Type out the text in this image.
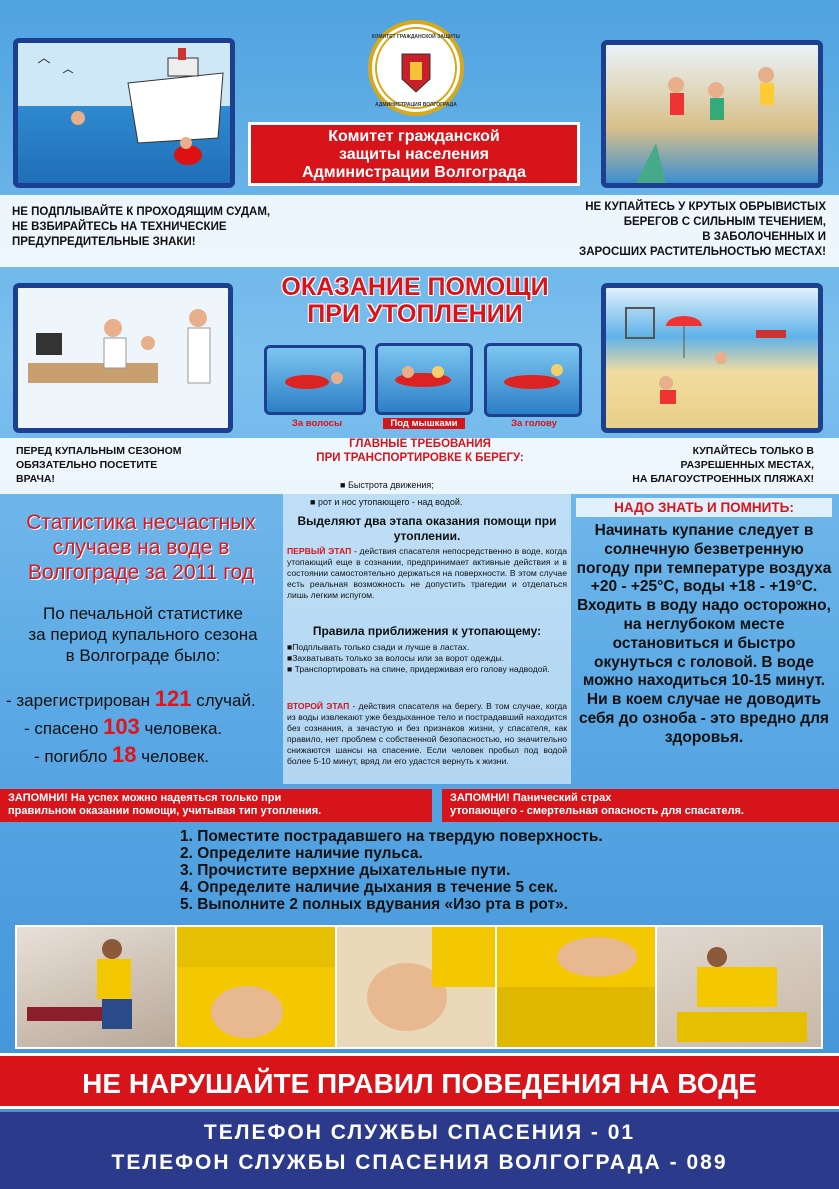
КОМИТЕТ ГРАЖДАНСКОЙ ЗАЩИТЫ
АДМИНИСТРАЦИЯ ВОЛГОГРАДА
Комитет гражданской
защиты населения
Администрации Волгограда
НЕ ПОДПЛЫВАЙТЕ К ПРОХОДЯЩИМ СУДАМ,
НЕ ВЗБИРАЙТЕСЬ НА ТЕХНИЧЕСКИЕ
ПРЕДУПРЕДИТЕЛЬНЫЕ ЗНАКИ!
НЕ КУПАЙТЕСЬ У КРУТЫХ ОБРЫВИСТЫХ
БЕРЕГОВ С СИЛЬНЫМ ТЕЧЕНИЕМ,
В ЗАБОЛОЧЕННЫХ И
ЗАРОСШИХ РАСТИТЕЛЬНОСТЬЮ МЕСТАХ!
ОКАЗАНИЕ ПОМОЩИ
ПРИ УТОПЛЕНИИ
За волосы	Под мышками	За голову
ПЕРЕД КУПАЛЬНЫМ СЕЗОНОМ
ОБЯЗАТЕЛЬНО ПОСЕТИТЕ
ВРАЧА!
КУПАЙТЕСЬ ТОЛЬКО В
РАЗРЕШЕННЫХ МЕСТАХ,
НА БЛАГОУСТРОЕННЫХ ПЛЯЖАХ!
ГЛАВНЫЕ ТРЕБОВАНИЯ
ПРИ ТРАНСПОРТИРОВКЕ К БЕРЕГУ:
■ Быстрота движения;
Статистика несчастных
случаев на воде в
Волгограде за 2011 год
По печальной статистике
за период купального сезона
в Волгограде было:
- зарегистрирован 121 случай.
- спасено 103 человека.
- погибло 18 человек.
■ рот и нос утопающего - над водой.
Выделяют два этапа оказания помощи при утоплении.
ПЕРВЫЙ ЭТАП - действия спасателя непосредственно в воде, когда утопающий еще в сознании, предпринимает активные действия и в состоянии самостоятельно держаться на поверхности. В этом случае есть реальная возможность не допустить трагедии и отделаться лишь легким испугом.
Правила приближения к утопающему:
■Подплывать только сзади и лучше в ластах.
■Захватывать только за волосы или за ворот одежды.
■ Транспортировать на спине, придерживая его голову надводой.
ВТОРОЙ ЭТАП - действия спасателя на берегу. В том случае, когда из воды извлекают уже бездыханное тело и пострадавший находится без сознания, а зачастую и без признаков жизни, у спасателя, как правило, нет проблем с собственной безопасностью, но значительно снижаются шансы на спасение. Если человек пробыл под водой более 5-10 минут, вряд ли его удастся вернуть к жизни.
НАДО ЗНАТЬ И ПОМНИТЬ:
Начинать купание следует в солнечную безветренную погоду при температуре воздуха +20 - +25°С, воды +18 - +19°С. Входить в воду надо осторожно, на неглубоком месте остановиться и быстро окунуться с головой. В воде можно находиться 10-15 минут. Ни в коем случае не доводить себя до озноба - это вредно для здоровья.
ЗАПОМНИ! На успех можно надеяться только при
правильном оказании помощи, учитывая тип утопления.
ЗАПОМНИ! Панический страх
утопающего - смертельная опасность для спасателя.
1. Поместите пострадавшего на твердую поверхность.
2. Определите наличие пульса.
3. Прочистите верхние дыхательные пути.
4. Определите наличие дыхания в течение 5 сек.
5. Выполните 2 полных вдувания «Изо рта в рот».
НЕ НАРУШАЙТЕ ПРАВИЛ ПОВЕДЕНИЯ НА ВОДЕ
ТЕЛЕФОН СЛУЖБЫ СПАСЕНИЯ - 01
ТЕЛЕФОН СЛУЖБЫ СПАСЕНИЯ ВОЛГОГРАДА - 089
